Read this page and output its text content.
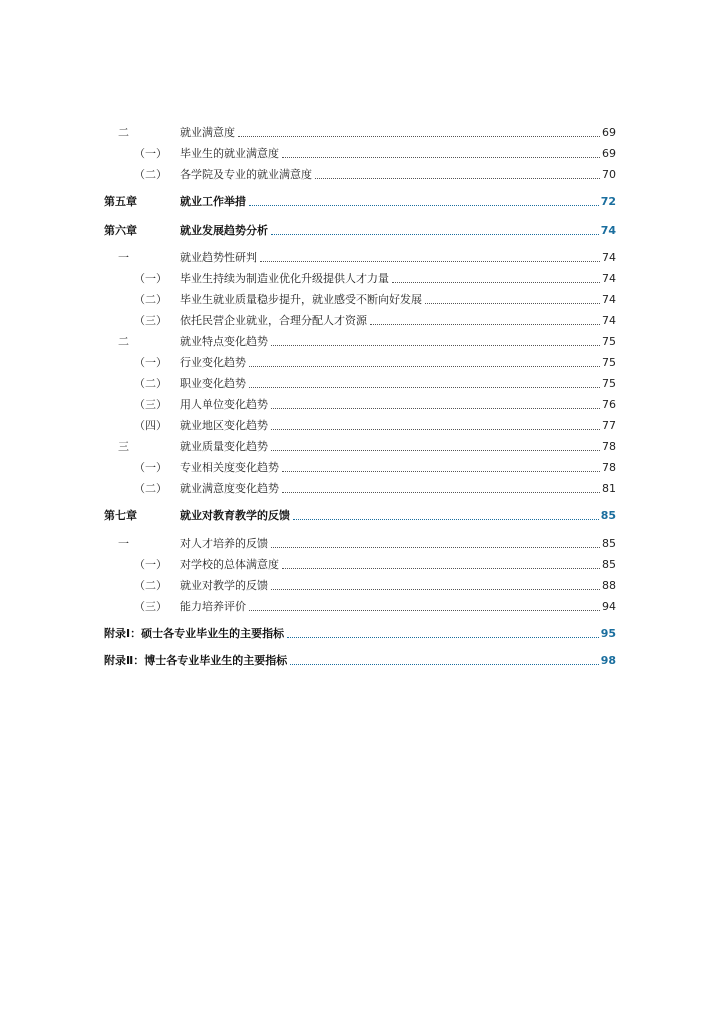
二	就业满意度	69
（一） 毕业生的就业满意度	69
（二） 各学院及专业的就业满意度	70
第五章	就业工作举措	72
第六章	就业发展趋势分析	74
一	就业趋势性研判	74
（一） 毕业生持续为制造业优化升级提供人才力量	74
（二） 毕业生就业质量稳步提升，就业感受不断向好发展	74
（三） 依托民营企业就业，合理分配人才资源	74
二	就业特点变化趋势	75
（一） 行业变化趋势	75
（二） 职业变化趋势	75
（三） 用人单位变化趋势	76
（四） 就业地区变化趋势	77
三	就业质量变化趋势	78
（一） 专业相关度变化趋势	78
（二） 就业满意度变化趋势	81
第七章	就业对教育教学的反馈	85
一	对人才培养的反馈	85
（一） 对学校的总体满意度	85
（二） 就业对教学的反馈	88
（三） 能力培养评价	94
附录Ⅰ：硕士各专业毕业生的主要指标	95
附录Ⅱ：博士各专业毕业生的主要指标	98
